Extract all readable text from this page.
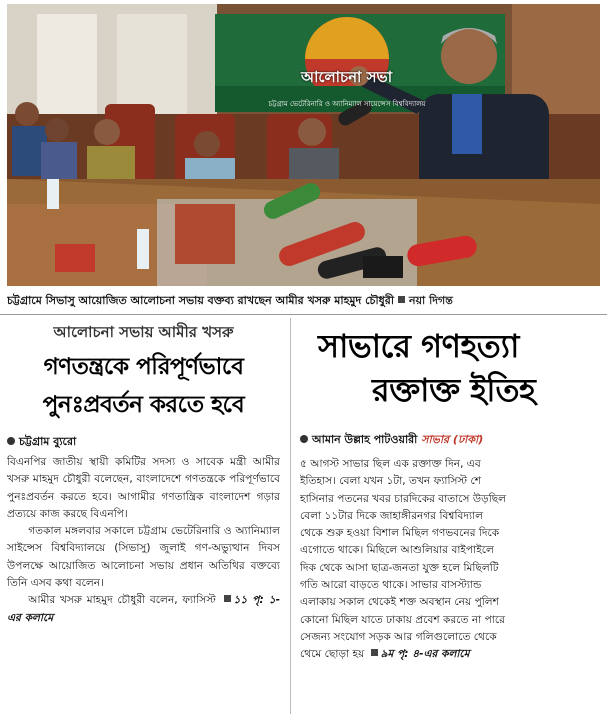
আলোচনা সভা
চট্টগ্রাম ভেটেরিনারি ও অ্যানিম্যাল সায়েন্সেস বিশ্ববিদ্যালয়
চট্টগ্রামে সিভাসু আয়োজিত আলোচনা সভায় বক্তব্য রাখছেন আমীর খসরু মাহমুদ চৌধুরী নয়া দিগন্ত
আলোচনা সভায় আমীর খসরু
গণতন্ত্রকে পরিপূর্ণভাবে
পুনঃপ্রবর্তন করতে হবে
চট্টগ্রাম ব্যুরো

বিএনপির জাতীয় স্থায়ী কমিটির সদস্য ও সাবেক মন্ত্রী আমীর খসরু মাহমুদ চৌধুরী বলেছেন, বাংলাদেশে গণতন্ত্রকে পরিপূর্ণভাবে পুনঃপ্রবর্তন করতে হবে। আগামীর গণতান্ত্রিক বাংলাদেশ গড়ার প্রত্যয়ে কাজ করছে বিএনপি।

গতকাল মঙ্গলবার সকালে চট্টগ্রাম ভেটেরিনারি ও অ্যানিম্যাল সাইন্সেস বিশ্ববিদ্যালয়ে (সিভাসু) জুলাই গণ-অভ্যুত্থান দিবস উপলক্ষে আয়োজিত আলোচনা সভায় প্রধান অতিথির বক্তব্যে তিনি এসব কথা বলেন।

আমীর খসরু মাহমুদ চৌধুরী বলেন, ফ্যাসিস্ট ১১ পৃ: ১-এর কলামে

সাভারে গণহত্যা
রক্তাক্ত ইতিহ
আমান উল্লাহ পাটওয়ারী সাভার (ঢাকা)
৫ আগস্ট সাভার ছিল এক রক্তাক্ত দিন, এব
ইতিহাস। বেলা যখন ১টা, তখন ফ্যাসিস্ট শে
হাসিনার পতনের খবর চারদিকের বাতাসে উড়ছিল
বেলা ১১টার দিকে জাহাঙ্গীরনগর বিশ্ববিদ্যাল
থেকে শুরু হওয়া বিশাল মিছিল গণভবনের দিকে
এগোতে থাকে। মিছিলে আশুলিয়ার বাইপাইলে
দিক থেকে আসা ছাত্র-জনতা যুক্ত হলে মিছিলটি
গতি আরো বাড়তে থাকে। সাভার বাসস্ট্যান্ড
এলাকায় সকাল থেকেই শক্ত অবস্থান নেয় পুলিশ
কোনো মিছিল যাতে ঢাকায় প্রবেশ করতে না পারে
সেজন্য সংযোগ সড়ক আর গলিগুলোতে থেকে
থেমে ছোড়া হয় ৯ম পৃ: ৪-এর কলামে
